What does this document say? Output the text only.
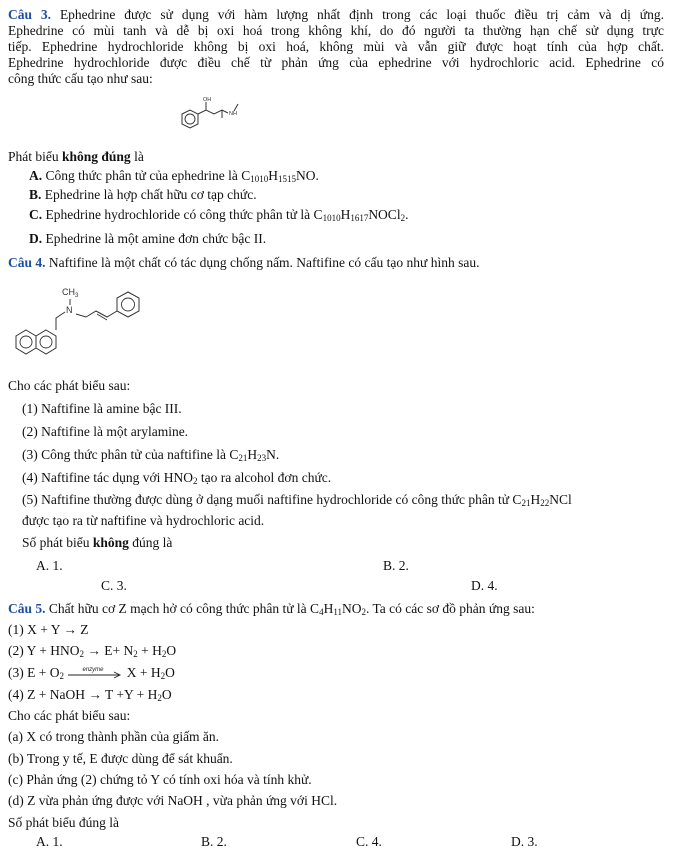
Câu 3. Ephedrine được sử dụng với hàm lượng nhất định trong các loại thuốc điều trị cảm và dị ứng.
Ephedrine có mùi tanh và dễ bị oxi hoá trong không khí, do đó người ta thường hạn chế sử dụng trực
tiếp. Ephedrine hydrochloride không bị oxi hoá, không mùi và vẫn giữ được hoạt tính của hợp chất.
Ephedrine hydrochloride được điều chế từ phản ứng của ephedrine với hydrochloric acid. Ephedrine có
công thức cấu tạo như sau:
OH
NH
Phát biểu không đúng là
A. Công thức phân tử của ephedrine là $C_{1010}H_{1515}NO$.
B. Ephedrine là hợp chất hữu cơ tạp chức.
C. Ephedrine hydrochloride có công thức phân tử là $C_{1010}H_{1617}NOCl_2$.
D. Ephedrine là một amine đơn chức bậc II.
Câu 4. Naftifine là một chất có tác dụng chống nấm. Naftifine có cấu tạo như hình sau.
N
$CH_3$
Cho các phát biểu sau:
(1) Naftifine là amine bậc III.
(2) Naftifine là một arylamine.
(3) Công thức phân tử của naftifine là $C_{21}H_{23}N$.
(4) Naftifine tác dụng với $HNO_2$ tạo ra alcohol đơn chức.
(5) Naftifine thường được dùng ở dạng muối naftifine hydrochloride có công thức phân tử $C_{21}H_{22}NCl$
được tạo ra từ naftifine và hydrochloric acid.
Số phát biểu không đúng là
A. 1.	B. 2.
C. 3.	D. 4.
Câu 5. Chất hữu cơ Z mạch hở có công thức phân tử là $C_4H_{11}NO_2$. Ta có các sơ đồ phản ứng sau:
(1) X + Y → Z
(2) $Y + HNO_2 \to E+ N_2 + H_2O$
(3) $E + O_2$
enzyme $X + H_2O$
(4) Z + NaOH → $T +Y + H_2O$
Cho các phát biểu sau:
(a) X có trong thành phần của giấm ăn.
(b) Trong y tế, E được dùng để sát khuẩn.
(c) Phản ứng (2) chứng tỏ Y có tính oxi hóa và tính khử.
(d) Z vừa phản ứng được với NaOH , vừa phản ứng với HCl.
Số phát biểu đúng là
A. 1.	B. 2.	C. 4.	D. 3.
